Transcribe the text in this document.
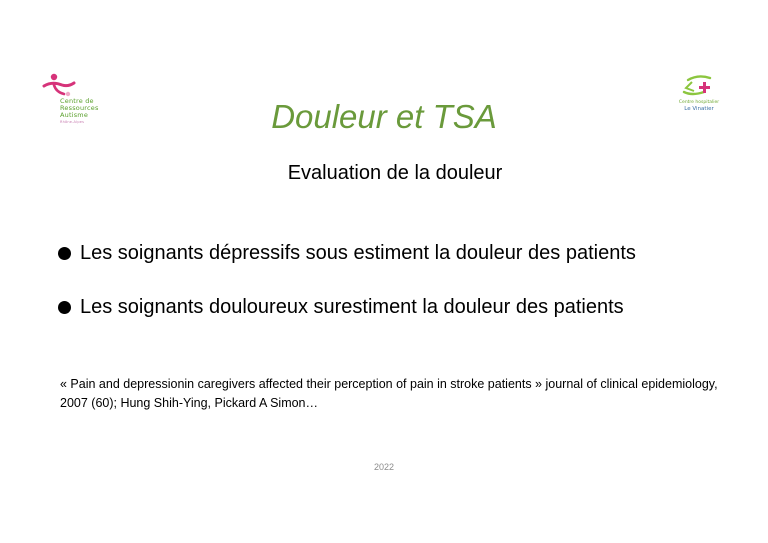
Centre de
Ressources
Autisme
Rhône-Alpes
Centre hospitalier
Le Vinatier
Douleur et TSA
Evaluation de la douleur
Les soignants dépressifs sous estiment la douleur des patients
Les soignants douloureux surestiment la douleur des patients
« Pain and depressionin caregivers affected their perception of pain in stroke patients » journal of clinical epidemiology, 2007 (60); Hung Shih-Ying, Pickard A Simon…
2022
